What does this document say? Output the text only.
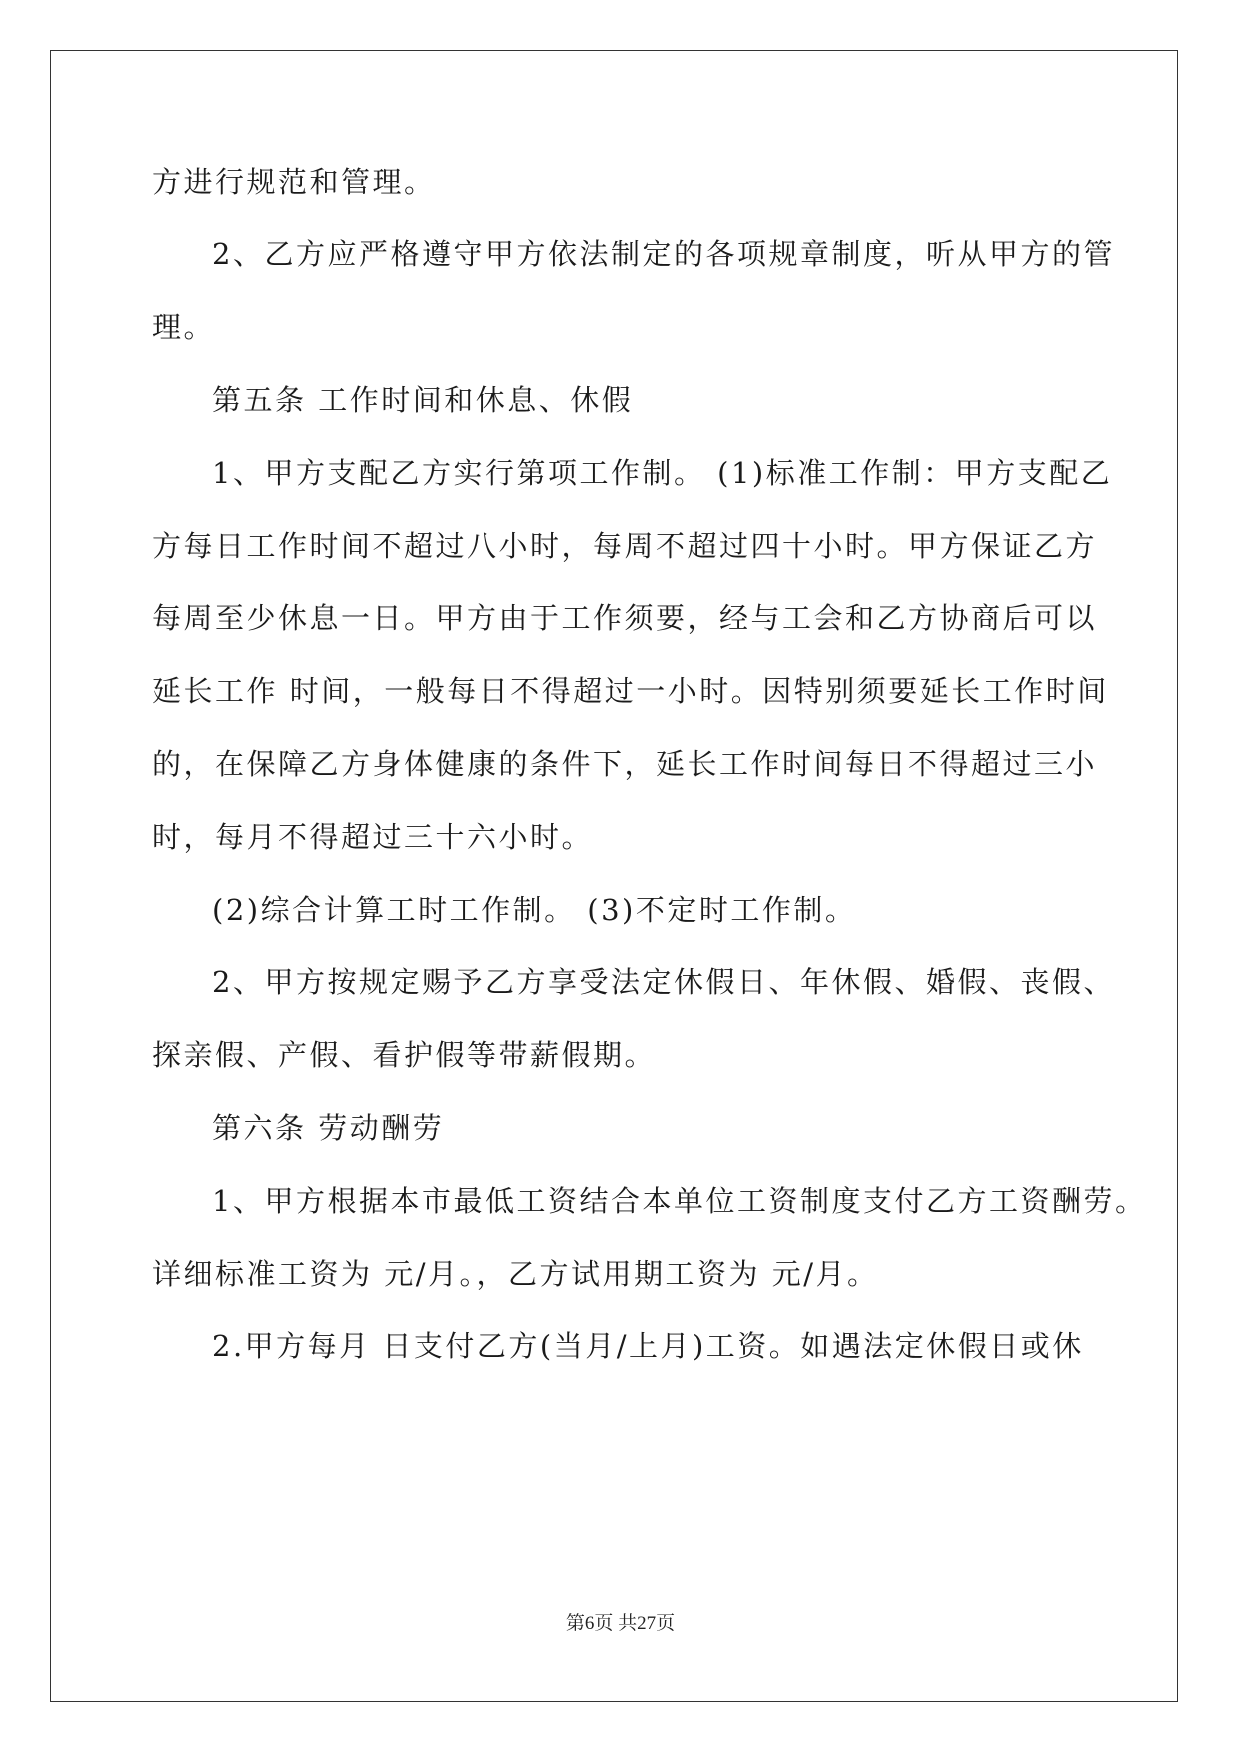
方进行规范和管理。
2、乙方应严格遵守甲方依法制定的各项规章制度，听从甲方的管
理。
第五条 工作时间和休息、休假
1、甲方支配乙方实行第项工作制。 (1)标准工作制：甲方支配乙
方每日工作时间不超过八小时，每周不超过四十小时。甲方保证乙方
每周至少休息一日。甲方由于工作须要，经与工会和乙方协商后可以
延长工作 时间，一般每日不得超过一小时。因特别须要延长工作时间
的，在保障乙方身体健康的条件下，延长工作时间每日不得超过三小
时，每月不得超过三十六小时。
(2)综合计算工时工作制。 (3)不定时工作制。
2、甲方按规定赐予乙方享受法定休假日、年休假、婚假、丧假、
探亲假、产假、看护假等带薪假期。
第六条 劳动酬劳
1、甲方根据本市最低工资结合本单位工资制度支付乙方工资酬劳。
详细标准工资为 元/月。，乙方试用期工资为 元/月。
2.甲方每月 日支付乙方(当月/上月)工资。如遇法定休假日或休
第6页 共27页
